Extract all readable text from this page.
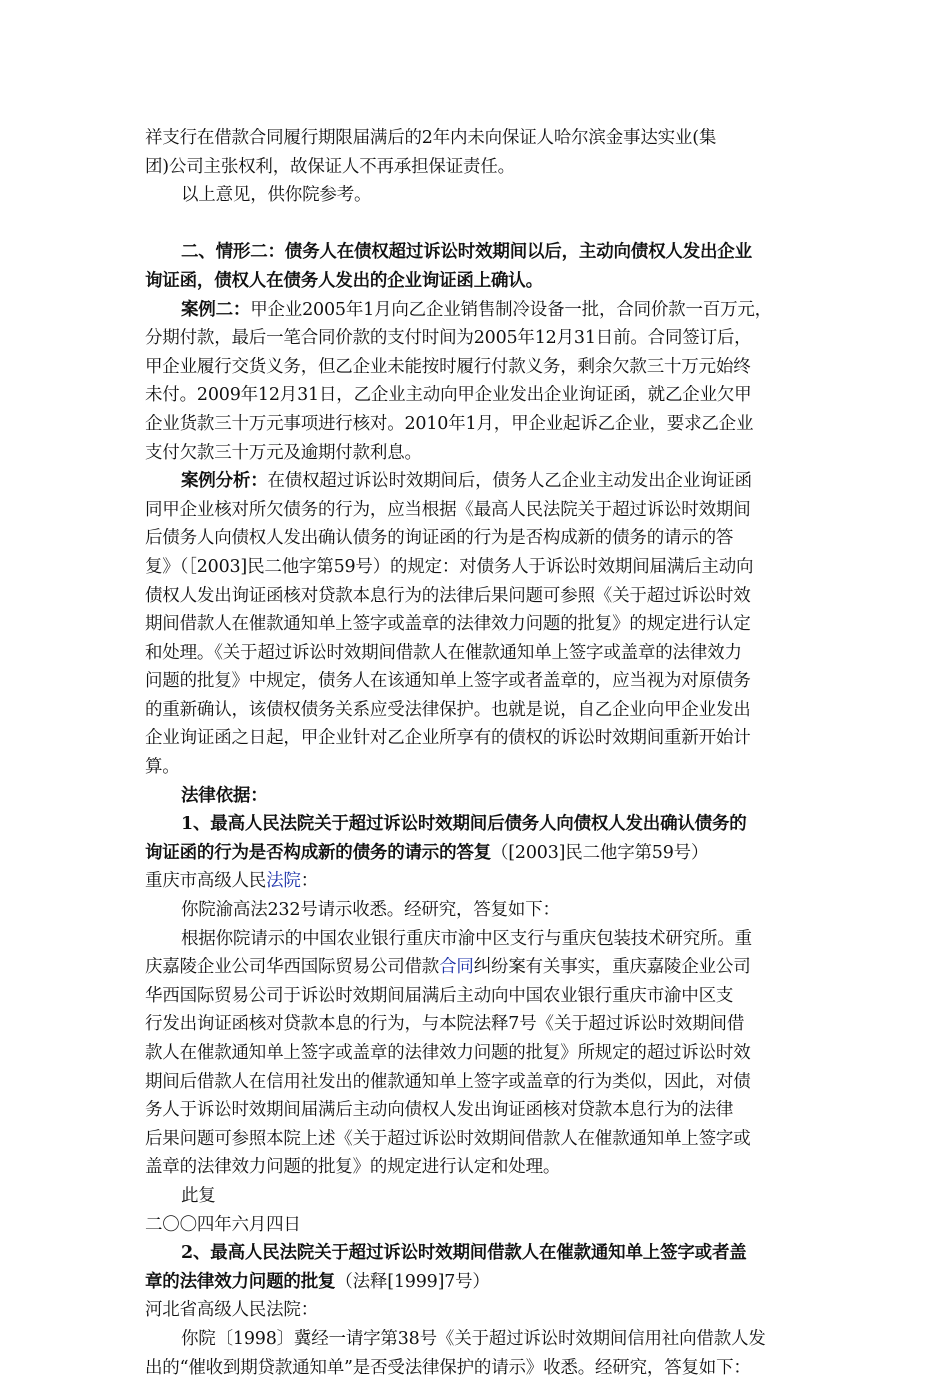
祥支行在借款合同履行期限届满后的2年内未向保证人哈尔滨金事达实业(集
团)公司主张权利，故保证人不再承担保证责任。
以上意见，供你院参考。
二、情形二：债务人在债权超过诉讼时效期间以后，主动向债权人发出企业
询证函，债权人在债务人发出的企业询证函上确认。
案例二：甲企业2005年1月向乙企业销售制冷设备一批，合同价款一百万元，
分期付款，最后一笔合同价款的支付时间为2005年12月31日前。合同签订后，
甲企业履行交货义务，但乙企业未能按时履行付款义务，剩余欠款三十万元始终
未付。2009年12月31日，乙企业主动向甲企业发出企业询证函，就乙企业欠甲
企业货款三十万元事项进行核对。2010年1月，甲企业起诉乙企业，要求乙企业
支付欠款三十万元及逾期付款利息。
案例分析：在债权超过诉讼时效期间后，债务人乙企业主动发出企业询证函
同甲企业核对所欠债务的行为，应当根据《最高人民法院关于超过诉讼时效期间
后债务人向债权人发出确认债务的询证函的行为是否构成新的债务的请示的答
复》（［2003]民二他字第59号）的规定：对债务人于诉讼时效期间届满后主动向
债权人发出询证函核对贷款本息行为的法律后果问题可参照《关于超过诉讼时效
期间借款人在催款通知单上签字或盖章的法律效力问题的批复》的规定进行认定
和处理。《关于超过诉讼时效期间借款人在催款通知单上签字或盖章的法律效力
问题的批复》中规定，债务人在该通知单上签字或者盖章的，应当视为对原债务
的重新确认，该债权债务关系应受法律保护。也就是说，自乙企业向甲企业发出
企业询证函之日起，甲企业针对乙企业所享有的债权的诉讼时效期间重新开始计
算。
法律依据：
1、最高人民法院关于超过诉讼时效期间后债务人向债权人发出确认债务的
询证函的行为是否构成新的债务的请示的答复（[2003]民二他字第59号）
重庆市高级人民法院：
你院渝高法232号请示收悉。经研究，答复如下：
根据你院请示的中国农业银行重庆市渝中区支行与重庆包装技术研究所。重
庆嘉陵企业公司华西国际贸易公司借款合同纠纷案有关事实，重庆嘉陵企业公司
华西国际贸易公司于诉讼时效期间届满后主动向中国农业银行重庆市渝中区支
行发出询证函核对贷款本息的行为，与本院法释7号《关于超过诉讼时效期间借
款人在催款通知单上签字或盖章的法律效力问题的批复》所规定的超过诉讼时效
期间后借款人在信用社发出的催款通知单上签字或盖章的行为类似，因此，对债
务人于诉讼时效期间届满后主动向债权人发出询证函核对贷款本息行为的法律
后果问题可参照本院上述《关于超过诉讼时效期间借款人在催款通知单上签字或
盖章的法律效力问题的批复》的规定进行认定和处理。
此复
二〇〇四年六月四日
2、最高人民法院关于超过诉讼时效期间借款人在催款通知单上签字或者盖
章的法律效力问题的批复（法释[1999]7号）
河北省高级人民法院：
你院〔1998〕冀经一请字第38号《关于超过诉讼时效期间信用社向借款人发
出的“催收到期贷款通知单”是否受法律保护的请示》收悉。经研究，答复如下：
